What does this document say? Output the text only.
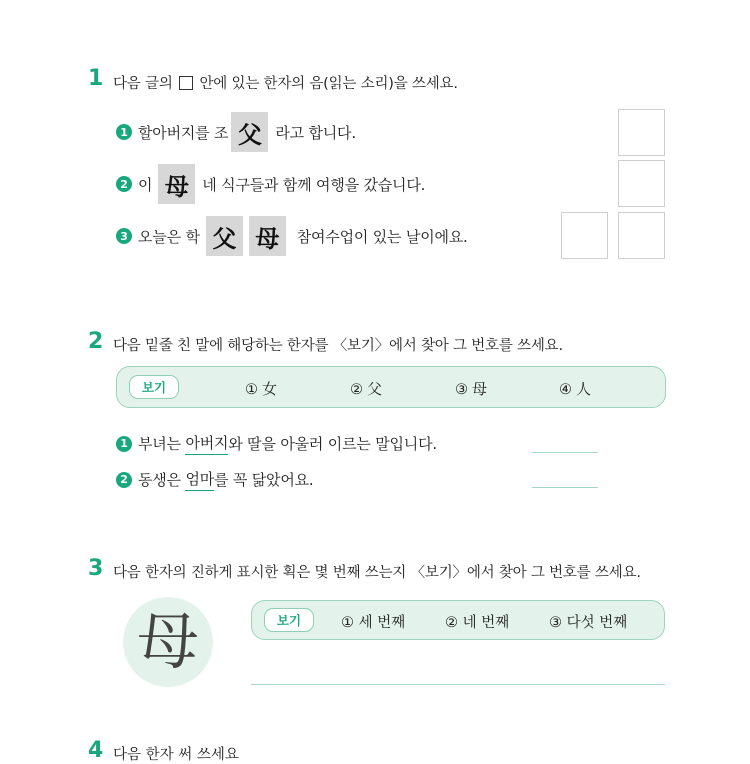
1 다음 글의 안에 있는 한자의 음(읽는 소리)을 쓰세요.
1 할아버지를 조 父 라고 합니다.
2 이 母 네 식구들과 함께 여행을 갔습니다.
3 오늘은 학 父 母	참여수업이 있는 날이에요.
2 다음 밑줄 친 말에 해당하는 한자를 〈보기〉에서 찾아 그 번호를 쓰세요.
보기	① 女	② 父	③ 母	④ 人
1 부녀는 아버지 와 딸을 아울러 이르는 말입니다.
2 동생은 엄마 를 꼭 닮았어요.
3 다음 한자의 진하게 표시한 획은 몇 번째 쓰는지 〈보기〉에서 찾아 그 번호를 쓰세요.
母	보기	① 세 번째	② 네 번째	③ 다섯 번째
4 다음 한자 써 쓰세요
